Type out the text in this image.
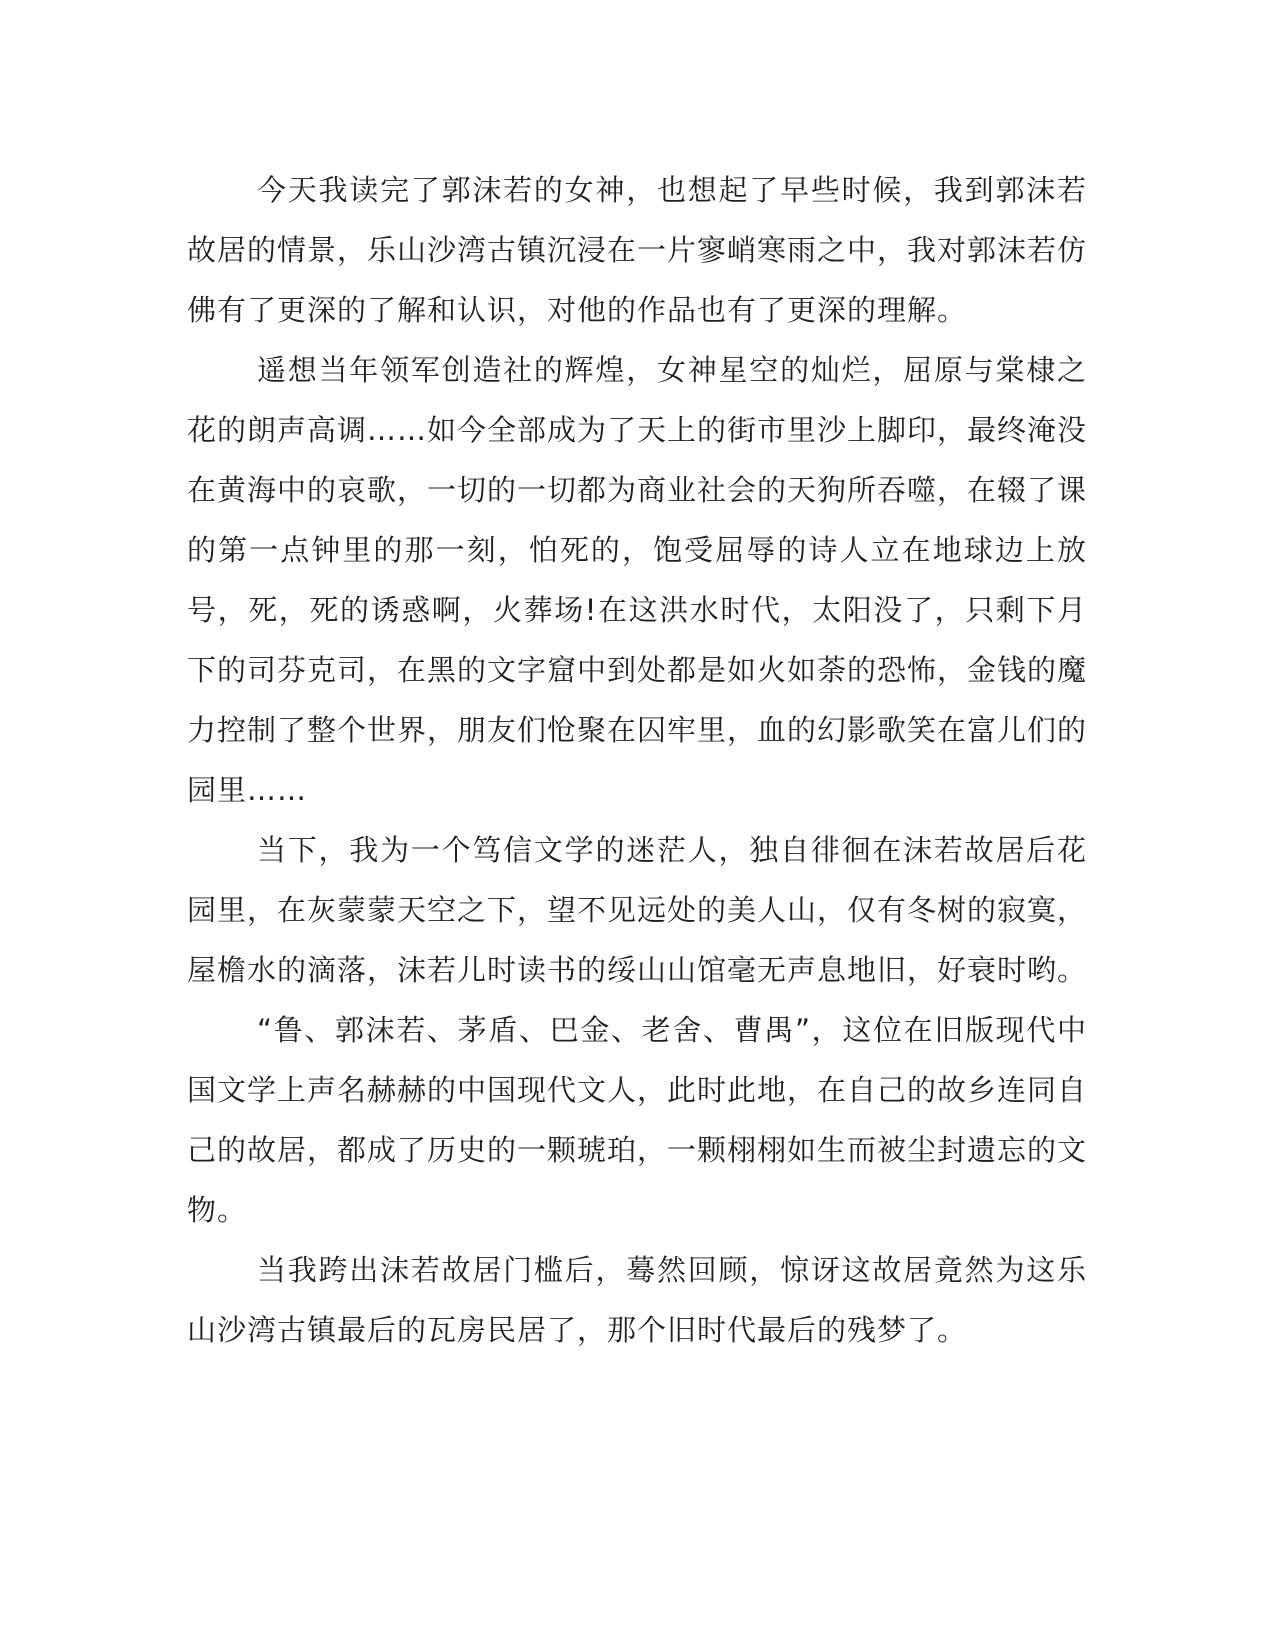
今天我读完了郭沫若的女神，也想起了早些时候，我到郭沫若故居的情景，乐山沙湾古镇沉浸在一片寥峭寒雨之中，我对郭沫若仿佛有了更深的了解和认识，对他的作品也有了更深的理解。

遥想当年领军创造社的辉煌，女神星空的灿烂，屈原与棠棣之花的朗声高调……如今全部成为了天上的街市里沙上脚印，最终淹没在黄海中的哀歌，一切的一切都为商业社会的天狗所吞噬，在辍了课的第一点钟里的那一刻，怕死的，饱受屈辱的诗人立在地球边上放号，死，死的诱惑啊，火葬场!在这洪水时代，太阳没了，只剩下月下的司芬克司，在黑的文字窟中到处都是如火如荼的恐怖，金钱的魔力控制了整个世界，朋友们怆聚在囚牢里，血的幻影歌笑在富儿们的园里……

当下，我为一个笃信文学的迷茫人，独自徘徊在沫若故居后花园里，在灰蒙蒙天空之下，望不见远处的美人山，仅有冬树的寂寞，屋檐水的滴落，沫若儿时读书的绥山山馆毫无声息地旧，好衰时哟。

“鲁、郭沫若、茅盾、巴金、老舍、曹禺”，这位在旧版现代中国文学上声名赫赫的中国现代文人，此时此地，在自己的故乡连同自己的故居，都成了历史的一颗琥珀，一颗栩栩如生而被尘封遗忘的文物。

当我跨出沫若故居门槛后，蓦然回顾，惊讶这故居竟然为这乐山沙湾古镇最后的瓦房民居了，那个旧时代最后的残梦了。
